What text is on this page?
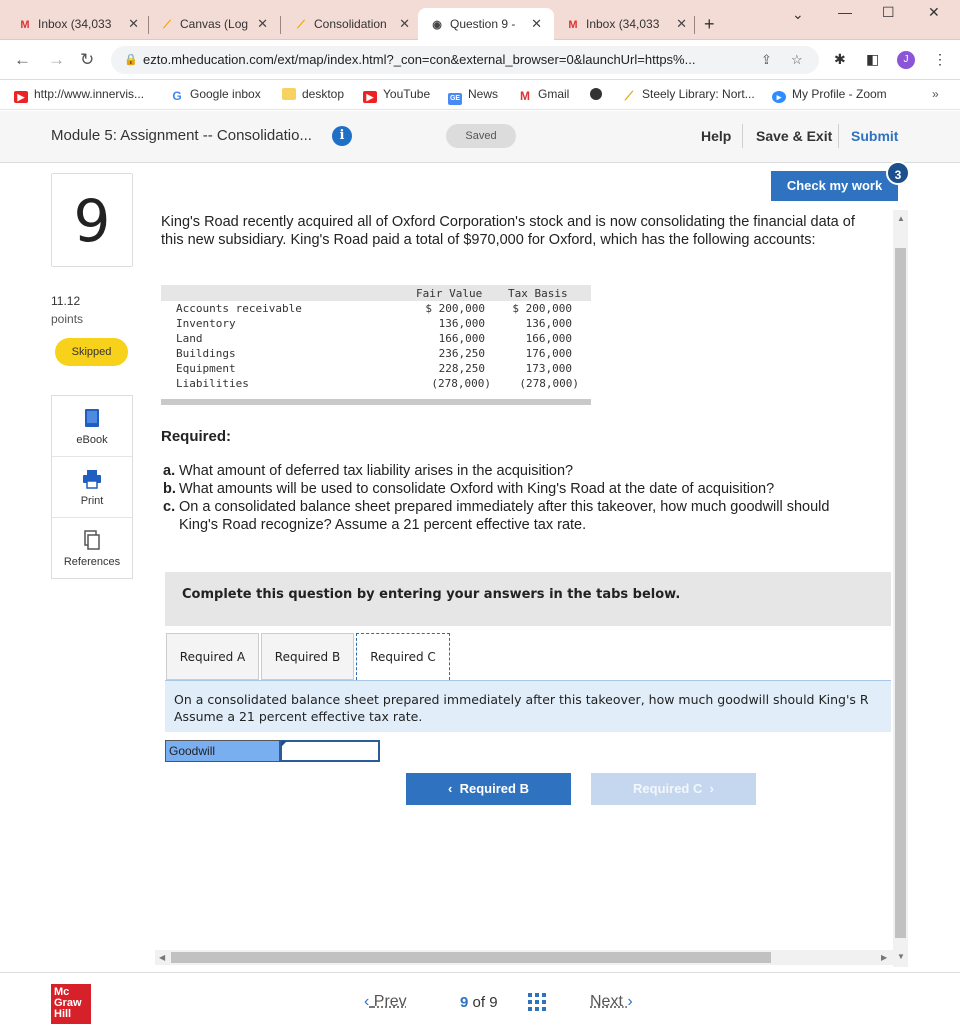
M Inbox (34,033 ✕ ⟋ Canvas (Log ✕	⟋ Consolidation ✕	◉ Question 9 - ✕ M Inbox (34,033 ✕ +	⌄ — ☐ ✕
← → ↻	🔒 ezto.mheducation.com/ext/map/index.html?_con=con&external_browser=0&launchUrl=https%...	⇪ ☆ ✱ ◧	J	⋮
▶ http://www.innervis... G Google inbox	desktop	▶ YouTube	GE News M Gmail	⟋ Steely Library: Nort...	▸ My Profile - Zoom	»
Module 5: Assignment -- Consolidatio...	i	Saved	Help Save & Exit Submit
9
11.12
points
Skipped
eBook
Print
References
Check my work
3
King's Road recently acquired all of Oxford Corporation's stock and is now consolidating the financial data of this new subsidiary. King's Road paid a total of $970,000 for Oxford, which has the following accounts:
Fair Value Tax Basis
Accounts receivable	$ 200,000 $ 200,000
Inventory	136,000	136,000
Land	166,000	166,000
Buildings	236,250	176,000
Equipment	228,250	173,000
Liabilities	(278,000)	(278,000)
Required:
a. What amount of deferred tax liability arises in the acquisition?
b. What amounts will be used to consolidate Oxford with King's Road at the date of acquisition?
c. On a consolidated balance sheet prepared immediately after this takeover, how much goodwill should King's Road recognize? Assume a 21 percent effective tax rate.
Complete this question by entering your answers in the tabs below.
Required A	Required B	Required C
On a consolidated balance sheet prepared immediately after this takeover, how much goodwill should King's R
Assume a 21 percent effective tax rate.
Goodwill
‹ Required B	Required C ›
▲
▼
◀	▶
Mc
Graw
Hill
‹ Prev	9 of 9	Next ›
